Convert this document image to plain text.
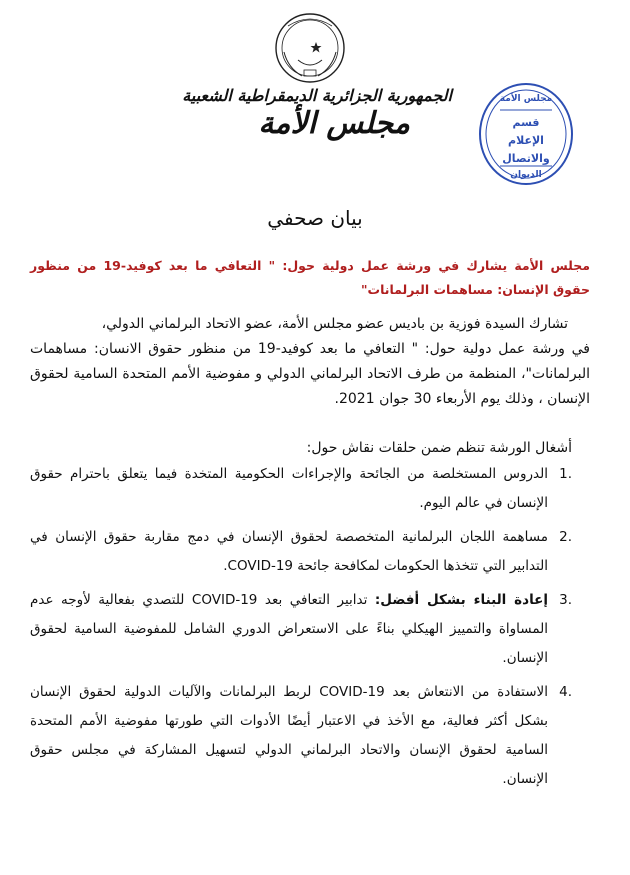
الجمهورية الجزائرية الديمقراطية الشعبية
مجلس الأمة
مجلس الأمة
قسم
الإعلام
والاتصال
الديوان
بيان صحفي
مجلس الأمة يشارك في ورشة عمل دولية حول: " التعافي ما بعد كوفيد-19 من منظور حقوق الإنسان: مساهمات البرلمانات"
تشارك السيدة فوزية بن باديس عضو مجلس الأمة، عضو الاتحاد البرلماني الدولي،
في ورشة عمل دولية حول: " التعافي ما بعد كوفيد-19 من منظور حقوق الانسان: مساهمات البرلمانات"، المنظمة من طرف الاتحاد البرلماني الدولي و مفوضية الأمم المتحدة السامية لحقوق الإنسان ، وذلك يوم الأربعاء 30 جوان 2021.
أشغال الورشة تنظم ضمن حلقات نقاش حول:
1.
الدروس المستخلصة من الجائحة والإجراءات الحكومية المتخدة فيما يتعلق باحترام حقوق الإنسان في عالم اليوم.
2.
مساهمة اللجان البرلمانية المتخصصة لحقوق الإنسان في دمج مقاربة حقوق الإنسان في التدابير التي تتخذها الحكومات لمكافحة جائحة COVID-19.
3.
إعادة البناء بشكل أفضل: تدابير التعافي بعد COVID-19 للتصدي بفعالية لأوجه عدم المساواة والتمييز الهيكلي بناءً على الاستعراض الدوري الشامل للمفوضية السامية لحقوق الإنسان.
4.
الاستفادة من الانتعاش بعد COVID-19 لربط البرلمانات والآليات الدولية لحقوق الإنسان بشكل أكثر فعالية، مع الأخذ في الاعتبار أيضًا الأدوات التي طورتها مفوضية الأمم المتحدة السامية لحقوق الإنسان والاتحاد البرلماني الدولي لتسهيل المشاركة في مجلس حقوق الإنسان.
